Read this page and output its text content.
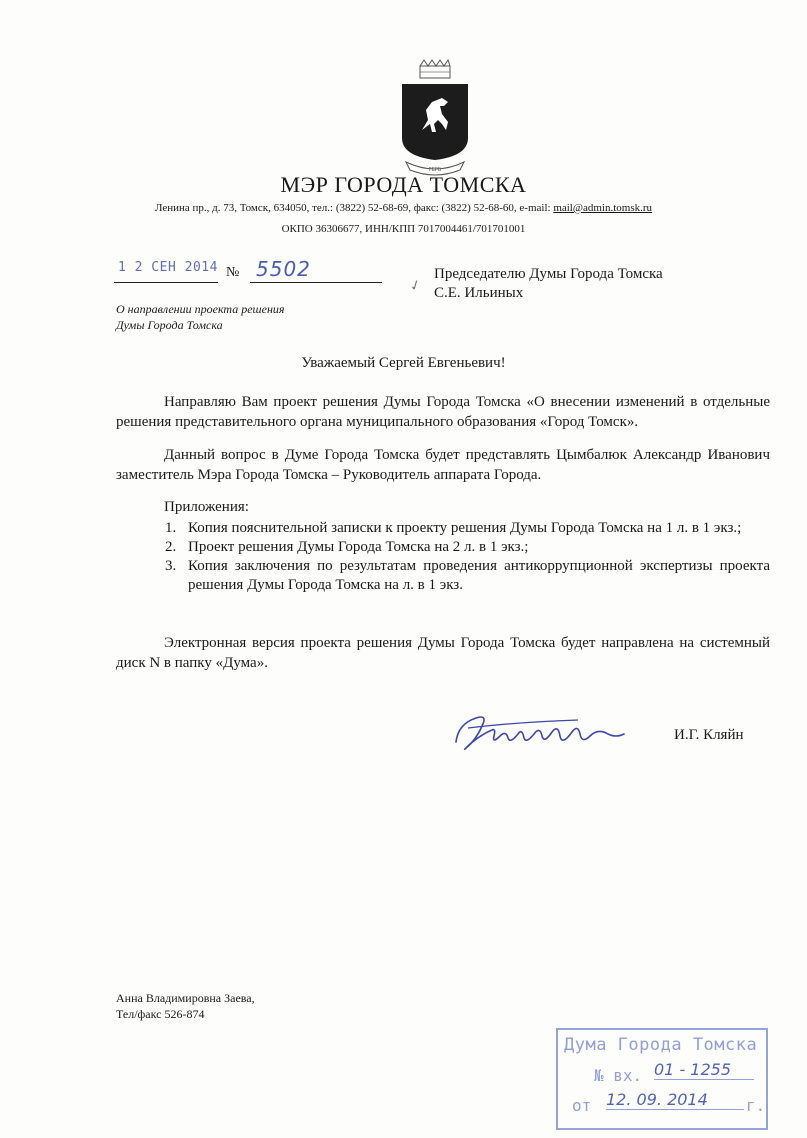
ГЕРБ
МЭР ГОРОДА ТОМСКА
Ленина пр., д. 73, Томск, 634050, тел.: (3822) 52-68-69, факс: (3822) 52-68-60, e-mail: mail@admin.tomsk.ru
ОКПО 36306677, ИНН/КПП 7017004461/701701001
1 2 СЕН 2014 № 5502
✓
Председателю Думы Города Томска
С.Е. Ильиных
О направлении проекта решения
Думы Города Томска
Уважаемый Сергей Евгеньевич!
Направляю Вам проект решения Думы Города Томска «О внесении изменений в отдельные решения представительного органа муниципального образования «Город Томск».
Данный вопрос в Думе Города Томска будет представлять Цымбалюк Александр Иванович заместитель Мэра Города Томска – Руководитель аппарата Города.
Приложения:
1. Копия пояснительной записки к проекту решения Думы Города Томска на 1 л. в 1 экз.;
2. Проект решения Думы Города Томска на 2 л. в 1 экз.;
3. Копия заключения по результатам проведения антикоррупционной экспертизы проекта решения Думы Города Томска на л. в 1 экз.
Электронная версия проекта решения Думы Города Томска будет направлена на системный диск N в папку «Дума».
И.Г. Кляйн
Анна Владимировна Заева,
Тел/факс 526-874
Дума Города Томска
№ вх. 01 - 1255
от 12. 09. 2014	г.
